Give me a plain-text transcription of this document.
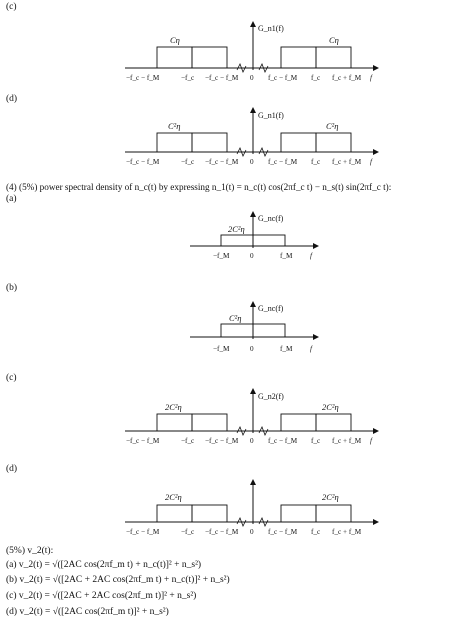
(c)
(d)
(4) (5%) power spectral density of n_c(t) by expressing n_1(t) = n_c(t) cos(2πf_c t) − n_s(t) sin(2πf_c t):
(a)
(b)
(c)
(d)
(5%) v_2(t):
(a) v_2(t) = √([2AC cos(2πf_m t) + n_c(t)]² + n_s²)
(b) v_2(t) = √([2AC + 2AC cos(2πf_m t) + n_c(t)]² + n_s²)
(c) v_2(t) = √([2AC + 2AC cos(2πf_m t)]² + n_s²)
(d) v_2(t) = √([2AC cos(2πf_m t)]² + n_s²)
G_n1(f)
Cη	Cη
−f_c − f_M	−f_c −f_c − f_M 0 f_c − f_M f_c f_c + f_M f
G_n1(f)
C²η	C²η
−f_c − f_M	−f_c −f_c − f_M 0 f_c − f_M f_c f_c + f_M f
G_nc(f)
2C²η
−f_M	0	f_M f
G_nc(f)
C²η
−f_M	0	f_M f
G_n2(f)
2C²η	2C²η
−f_c − f_M	−f_c −f_c − f_M 0 f_c − f_M f_c f_c + f_M f
2C²η	2C²η
−f_c − f_M	−f_c −f_c − f_M 0 f_c − f_M f_c f_c + f_M
